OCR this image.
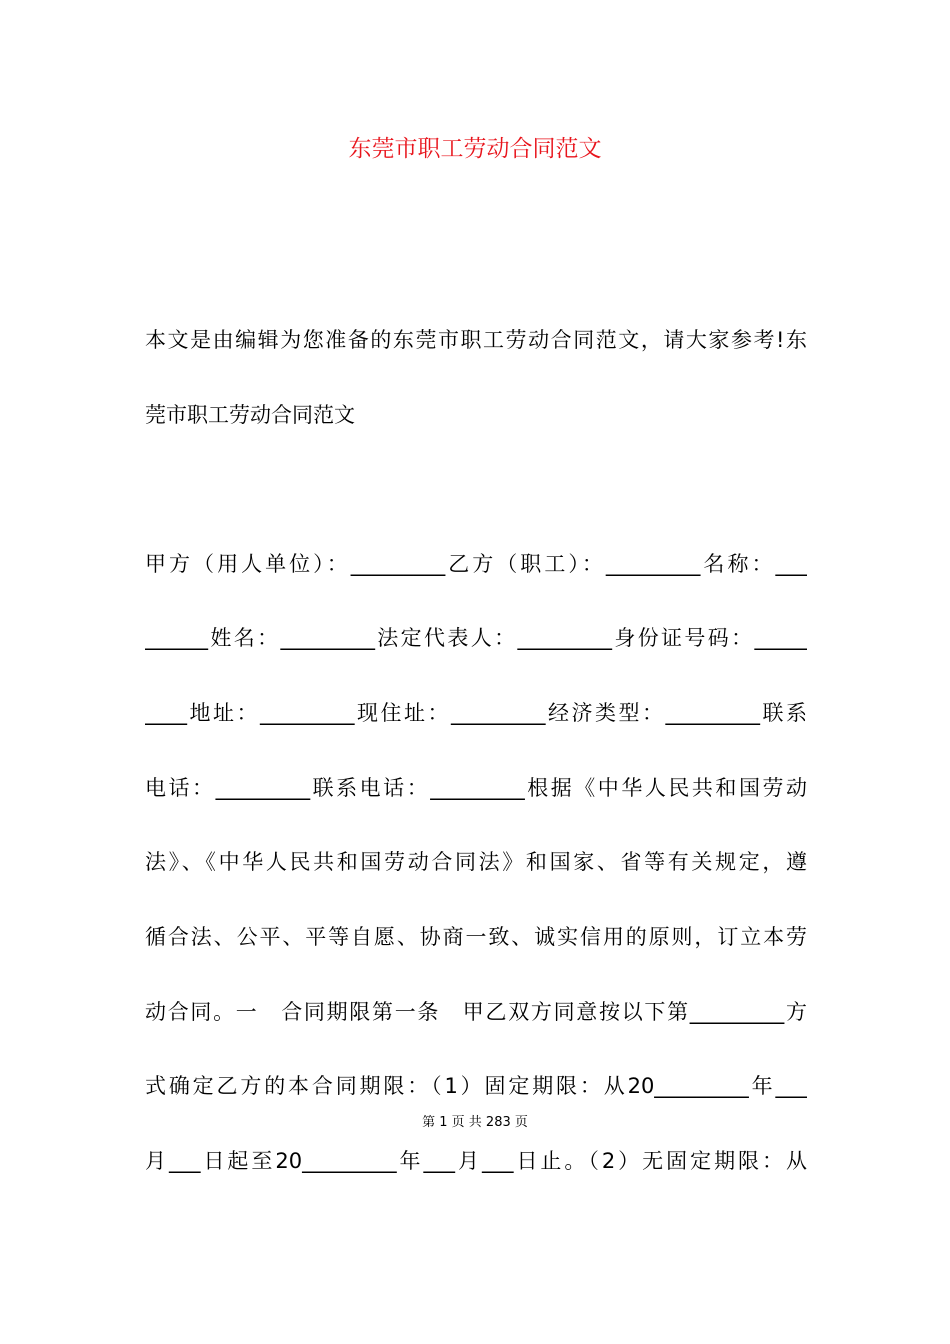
东莞市职工劳动合同范文
本文是由编辑为您准备的东莞市职工劳动合同范文，请大家参考!东
莞市职工劳动合同范文
甲方（用人单位）：_________乙方（职工）：_________名称：___
______姓名：_________法定代表人：_________身份证号码：_____
____地址：_________现住址：_________经济类型：_________联系
电话：_________联系电话：_________根据《中华人民共和国劳动
法》、《中华人民共和国劳动合同法》和国家、省等有关规定，遵
循合法、公平、平等自愿、协商一致、诚实信用的原则，订立本劳
动合同。一　合同期限第一条　甲乙双方同意按以下第_________方
式确定乙方的本合同期限：（1）固定期限：从20_________年___
第 1 页 共 283 页
月___日起至20_________年___月___日止。（2）无固定期限：从
